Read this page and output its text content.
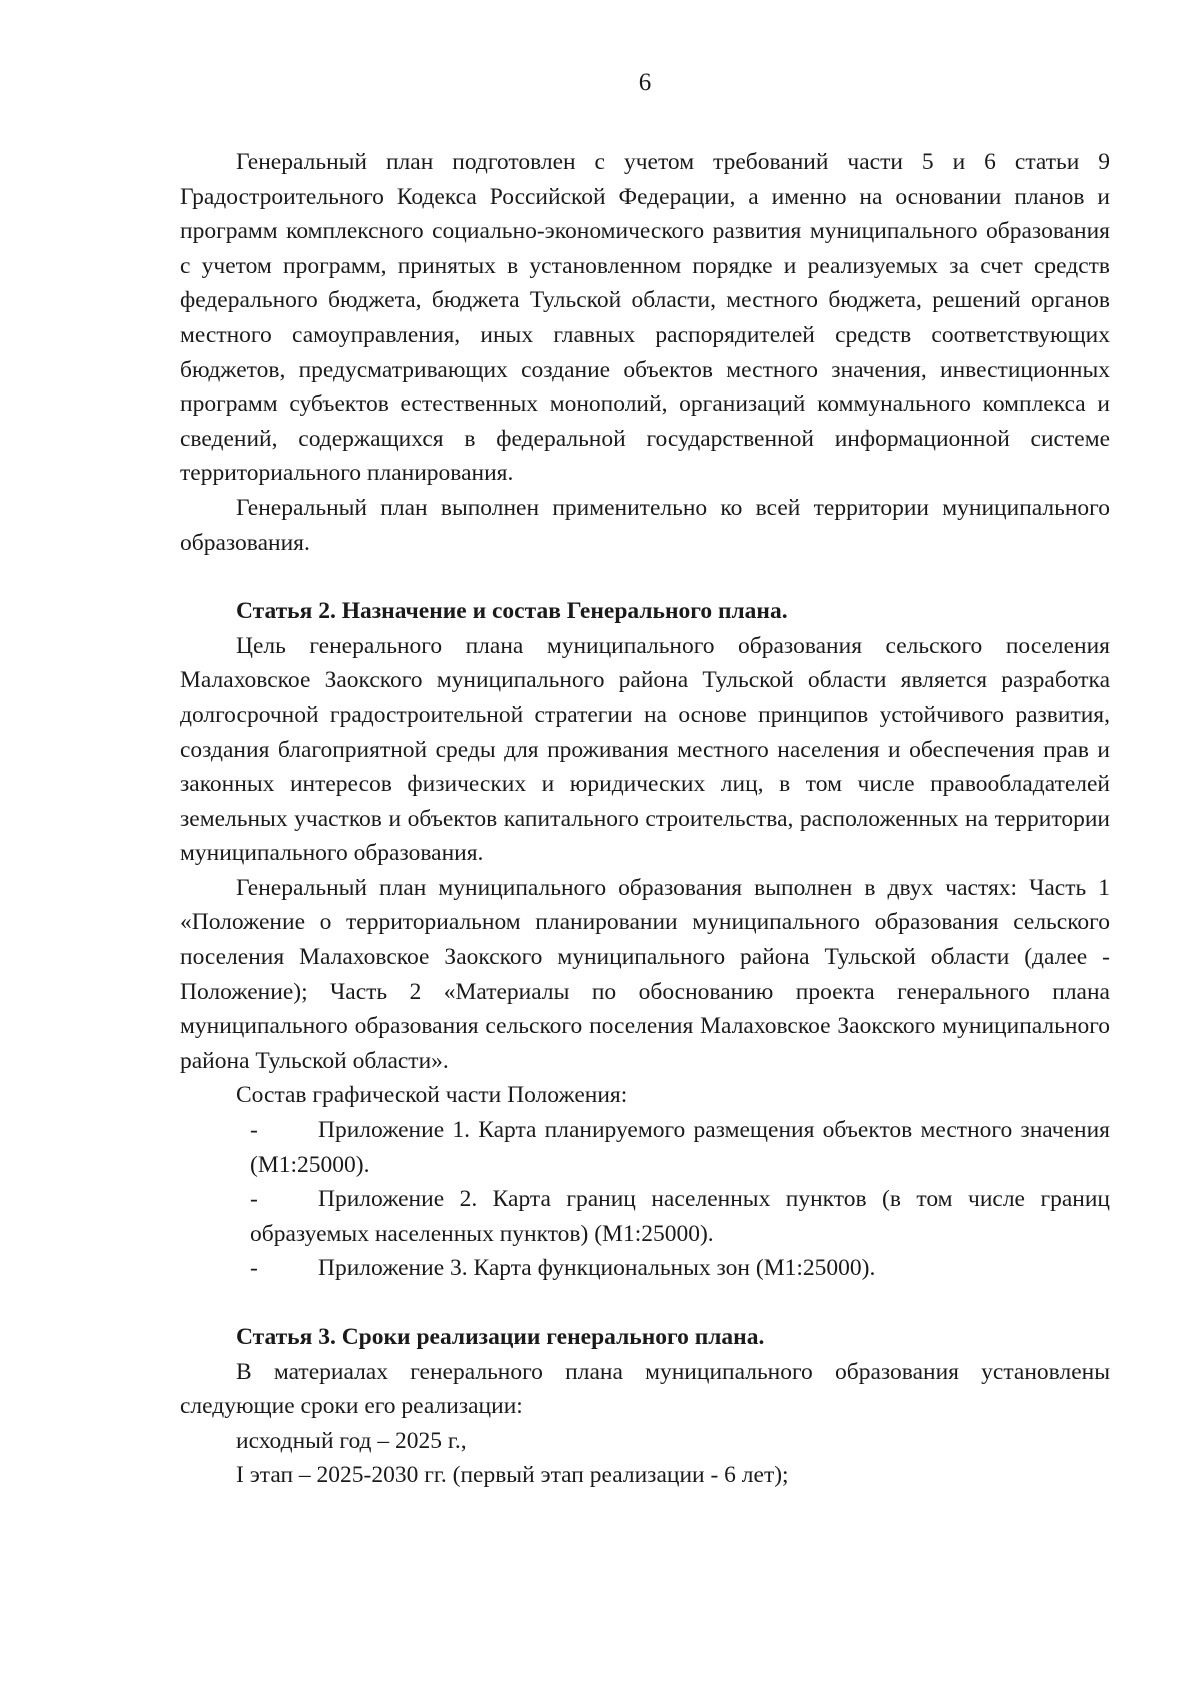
6

Генеральный план подготовлен с учетом требований части 5 и 6 статьи 9 Градостроительного Кодекса Российской Федерации, а именно на основании планов и программ комплексного социально-экономического развития муниципального образования с учетом программ, принятых в установленном порядке и реализуемых за счет средств федерального бюджета, бюджета Тульской области, местного бюджета, решений органов местного самоуправления, иных главных распорядителей средств соответствующих бюджетов, предусматривающих создание объектов местного значения, инвестиционных программ субъектов естественных монополий, организаций коммунального комплекса и сведений, содержащихся в федеральной государственной информационной системе территориального планирования.

Генеральный план выполнен применительно ко всей территории муниципального образования.

Статья 2. Назначение и состав Генерального плана.

Цель генерального плана муниципального образования сельского поселения Малаховское Заокского муниципального района Тульской области является разработка долгосрочной градостроительной стратегии на основе принципов устойчивого развития, создания благоприятной среды для проживания местного населения и обеспечения прав и законных интересов физических и юридических лиц, в том числе правообладателей земельных участков и объектов капитального строительства, расположенных на территории муниципального образования.

Генеральный план муниципального образования выполнен в двух частях: Часть 1 «Положение о территориальном планировании муниципального образования сельского поселения Малаховское Заокского муниципального района Тульской области (далее - Положение); Часть 2 «Материалы по обоснованию проекта генерального плана муниципального образования сельского поселения Малаховское Заокского муниципального района Тульской области».

Состав графической части Положения:

- Приложение 1. Карта планируемого размещения объектов местного значения (М1:25000).

- Приложение 2. Карта границ населенных пунктов (в том числе границ образуемых населенных пунктов) (М1:25000).

- Приложение 3. Карта функциональных зон (М1:25000).

Статья 3. Сроки реализации генерального плана.

В материалах генерального плана муниципального образования установлены следующие сроки его реализации:

исходный год – 2025 г.,

I этап – 2025-2030 гг. (первый этап реализации - 6 лет);
